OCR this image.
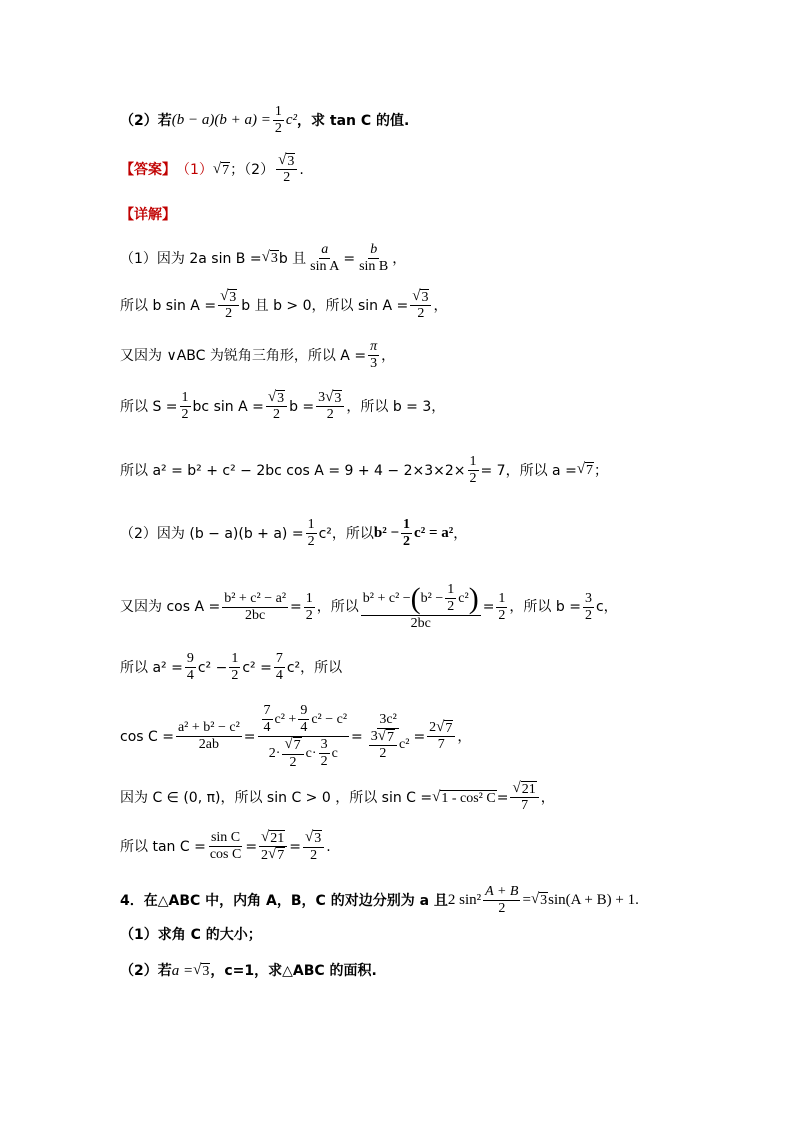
（2）若 $(b - a)(b + a) = \frac{1}{2} c^2$ ，求 tan C 的值.
【答案】 （1） √ 7 ；（2）
√ 3
2
.
【详解】
（1）因为 2a sin B = √ 3 b 且 $\frac{a}{\text{sin A}} = \frac{b}{\text{sin B}}$ ，
所以 b $\sin A = \frac{√ 3}{2}$ b 且 b > 0，所以 $\sin A = \frac{√ 3}{2}$ ，
又因为 ∨ABC 为锐角三角形，所以 $A = \frac{\pi}{3}$ ，
所以 $S = \frac{1}{2}$ bc $\sin A = \frac{√ 3}{2}$ $b = \frac{3 √ 3}{2}$ ，所以 b = 3，
所以 a² = b² + c² − 2bc $\cos A = 9 + 4 - 2\times 3\times 2\times \frac{1}{2} = 7$，所以 a = √ 7 ；
（2）因为 $(b - a)(b + a) = \frac{1}{2} c^2$，所以 $b^2 - \frac{1}{2} c^2 = a^2$ ，
又因为 $\cos A = \frac{\text{b² + c² − a²}}{2bc} = \frac{1}{2}$ ，所以 $\frac{b^2 + c^2 - ( b^2 - \frac{1}{2} c^2 )}{2bc} = \frac{1}{2}$ ，所以 $b = \frac{3}{2}$ c，
所以 $a^2 = \frac{9}{4} c^2 - \frac{1}{2} c^2 = \frac{7}{4} c^2$，所以
$\cos C = \frac{\text{a² + b² − c²}}{2ab} = 7$
4
$c^2 + \frac{9}{4} c^2 - c^2$
2·
√ 7
2
c·
3
2
c = 3c²
3 √ 7
2
$c^2 = \frac{2 √ 7}{7}$ ，
因为 C ∈ (0, π)，所以 sin C > 0 ，所以 sin C = √ 1 - cos² $C = \frac{√ 21}{7}$ ，
所以 $\tan C = \frac{\text{sin C}}{\text{cos C}} = \frac{√ 21}{2 √ 7} = \frac{√ 3}{2}$ .
4．在△ABC 中，内角 A，B，C 的对边分别为 a 且 2 $\sin^2 \frac{A + B}{2}$ = √ 3 sin(A + B) + 1.
（1）求角 C 的大小；
（2）若 a = √ 3 ，c=1，求△ABC 的面积.
